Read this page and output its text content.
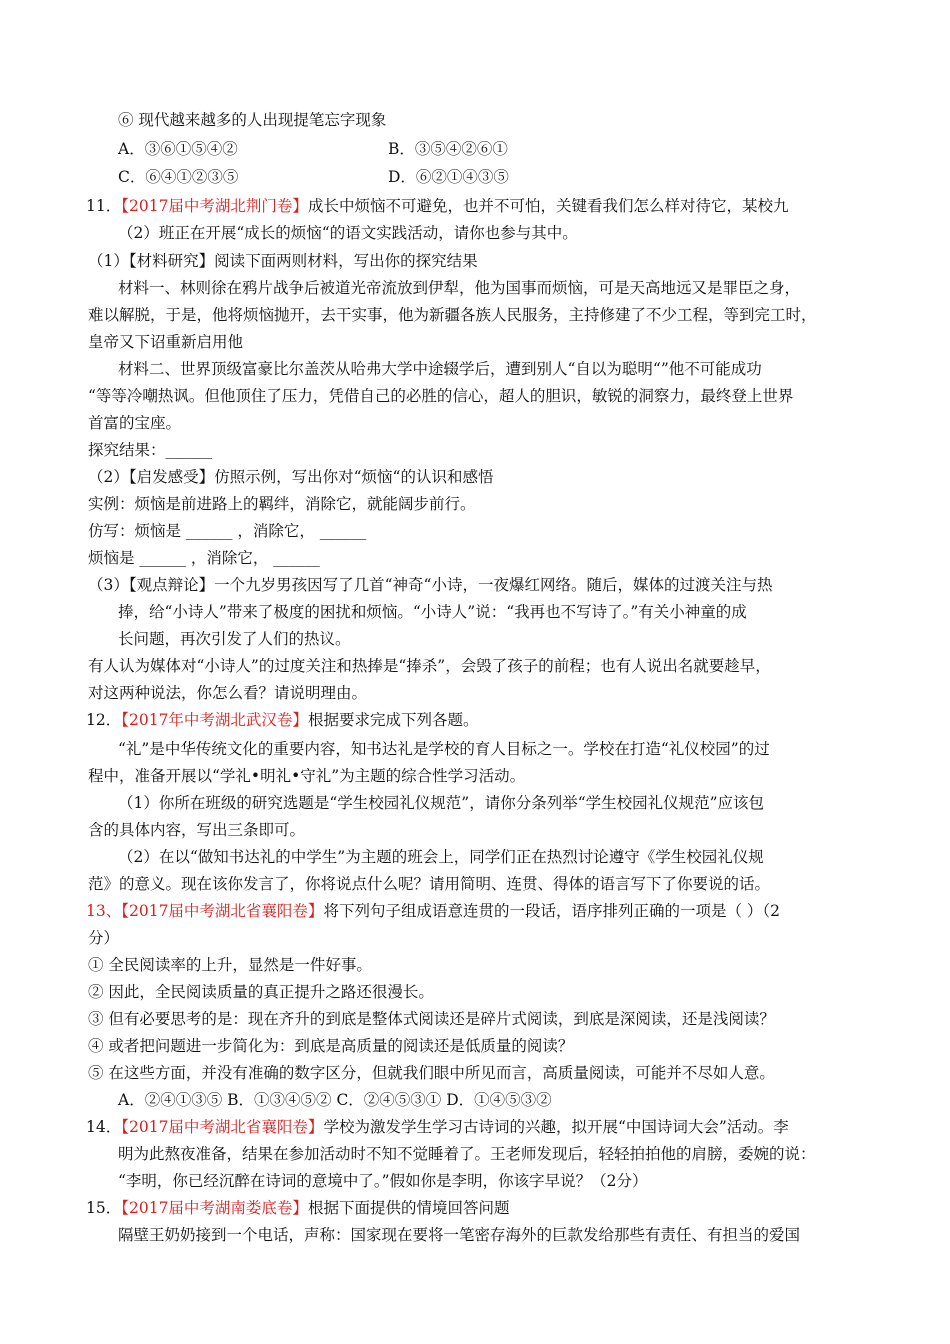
⑥ 现代越来越多的人出现提笔忘字现象
A．③⑥①⑤④②	B．③⑤④②⑥①
C．⑥④①②③⑤	D．⑥②①④③⑤
11．【2017届中考湖北荆门卷】成长中烦恼不可避免，也并不可怕，关键看我们怎么样对待它，某校九
（2）班正在开展“成长的烦恼“的语文实践活动，请你也参与其中。
（1）【材料研究】阅读下面两则材料，写出你的探究结果
材料一、林则徐在鸦片战争后被道光帝流放到伊犁，他为国事而烦恼，可是天高地远又是罪臣之身，
难以解脱，于是，他将烦恼抛开，去干实事，他为新疆各族人民服务，主持修建了不少工程，等到完工时，
皇帝又下诏重新启用他
材料二、世界顶级富豪比尔盖茨从哈弗大学中途辍学后，遭到别人“自以为聪明“”他不可能成功
“等等冷嘲热讽。但他顶住了压力，凭借自己的必胜的信心，超人的胆识，敏锐的洞察力，最终登上世界
首富的宝座。
探究结果：______
（2）【启发感受】仿照示例，写出你对“烦恼“的认识和感悟
实例：烦恼是前进路上的羁绊，消除它，就能阔步前行。
仿写：烦恼是 ______ ，消除它， ______
烦恼是 ______ ，消除它， ______
（3）【观点辩论】一个九岁男孩因写了几首“神奇“小诗，一夜爆红网络。随后，媒体的过渡关注与热
捧，给“小诗人”带来了极度的困扰和烦恼。“小诗人”说：“我再也不写诗了。”有关小神童的成
长问题，再次引发了人们的热议。
有人认为媒体对“小诗人”的过度关注和热捧是“捧杀”，会毁了孩子的前程；也有人说出名就要趁早，
对这两种说法，你怎么看？请说明理由。
12．【2017年中考湖北武汉卷】根据要求完成下列各题。
“礼”是中华传统文化的重要内容，知书达礼是学校的育人目标之一。学校在打造“礼仪校园”的过
程中，准备开展以“学礼•明礼•守礼”为主题的综合性学习活动。
（1）你所在班级的研究选题是“学生校园礼仪规范”，请你分条列举“学生校园礼仪规范”应该包
含的具体内容，写出三条即可。
（2）在以“做知书达礼的中学生”为主题的班会上，同学们正在热烈讨论遵守《学生校园礼仪规
范》的意义。现在该你发言了，你将说点什么呢？请用简明、连贯、得体的语言写下了你要说的话。
13、【2017届中考湖北省襄阳卷】将下列句子组成语意连贯的一段话，语序排列正确的一项是（ ）（2
分）
① 全民阅读率的上升，显然是一件好事。
② 因此，全民阅读质量的真正提升之路还很漫长。
③ 但有必要思考的是：现在齐升的到底是整体式阅读还是碎片式阅读，到底是深阅读，还是浅阅读？
④ 或者把问题进一步简化为：到底是高质量的阅读还是低质量的阅读？
⑤ 在这些方面，并没有准确的数字区分，但就我们眼中所见而言，高质量阅读，可能并不尽如人意。
A．②④①③⑤ B．①③④⑤② C．②④⑤③① D．①④⑤③②
14．【2017届中考湖北省襄阳卷】学校为激发学生学习古诗词的兴趣，拟开展“中国诗词大会”活动。李
明为此熬夜准备，结果在参加活动时不知不觉睡着了。王老师发现后，轻轻拍拍他的肩膀，委婉的说：
“李明，你已经沉醉在诗词的意境中了。”假如你是李明，你该字早说？（2分）
15．【2017届中考湖南娄底卷】根据下面提供的情境回答问题
隔壁王奶奶接到一个电话，声称：国家现在要将一笔密存海外的巨款发给那些有责任、有担当的爱国
